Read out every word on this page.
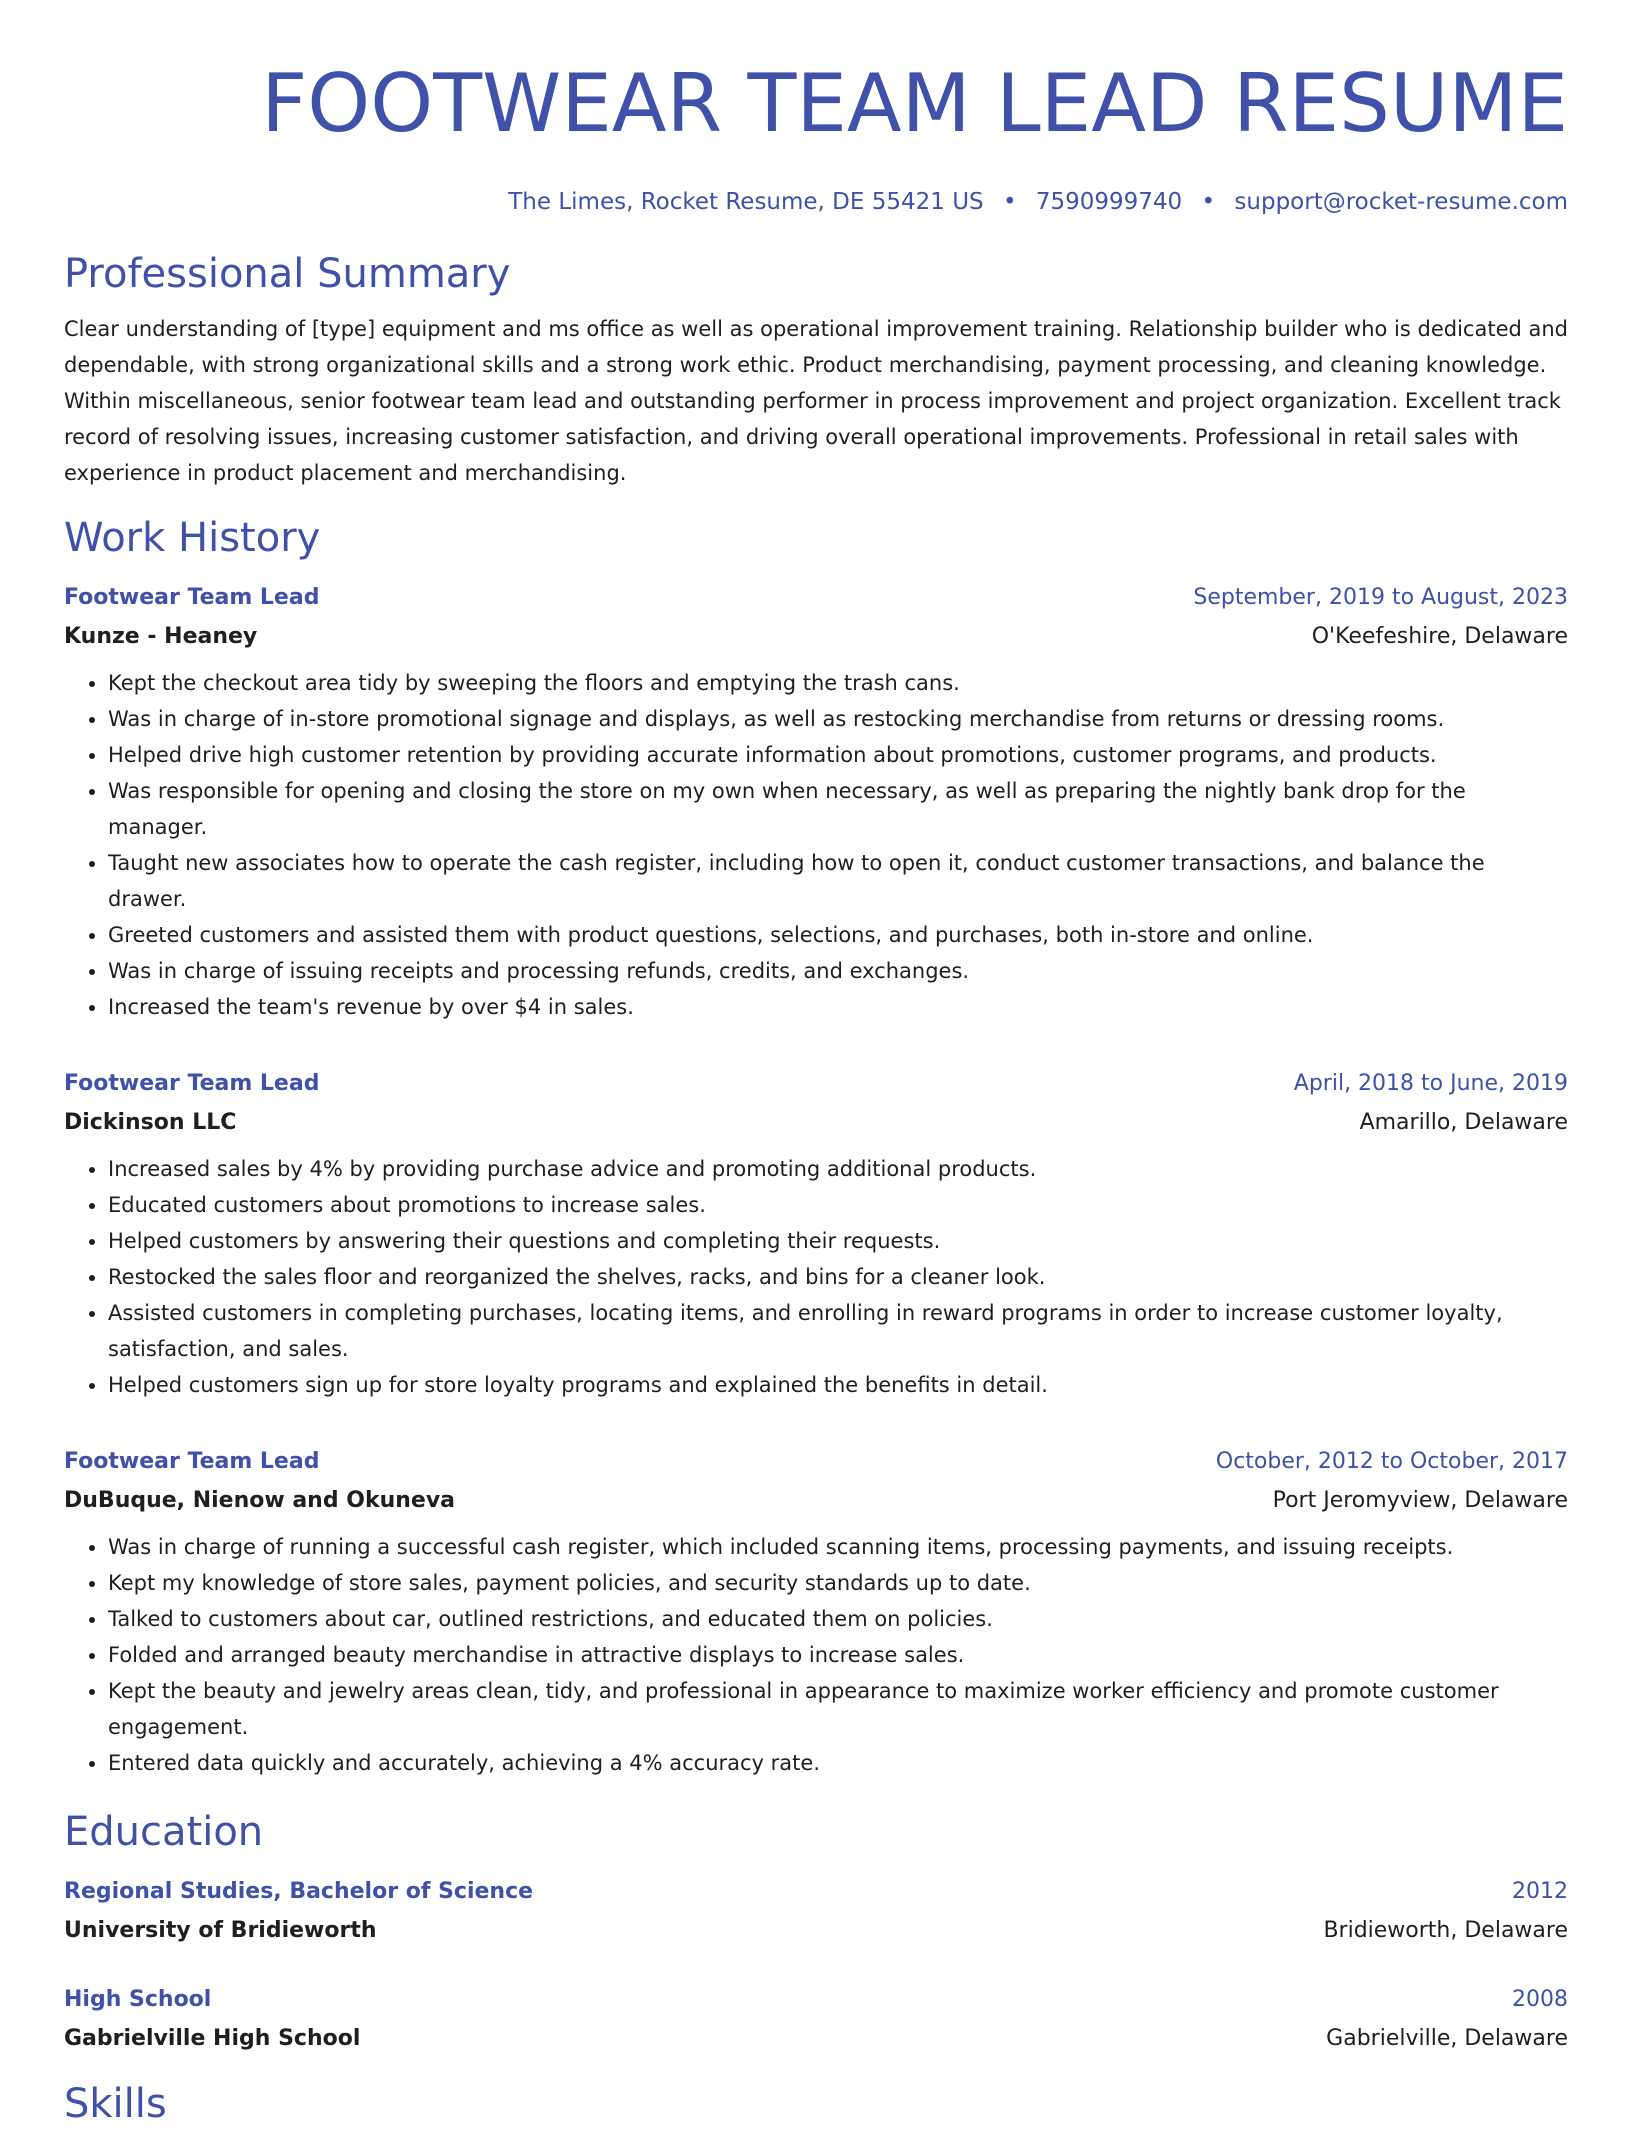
FOOTWEAR TEAM LEAD RESUME
The Limes, Rocket Resume, DE 55421 US • 7590999740 • support@rocket-resume.com
Professional Summary
Clear understanding of [type] equipment and ms office as well as operational improvement training. Relationship builder who is dedicated and dependable, with strong organizational skills and a strong work ethic. Product merchandising, payment processing, and cleaning knowledge. Within miscellaneous, senior footwear team lead and outstanding performer in process improvement and project organization. Excellent track record of resolving issues, increasing customer satisfaction, and driving overall operational improvements. Professional in retail sales with experience in product placement and merchandising.
Work History
Footwear Team Lead	September, 2019 to August, 2023
Kunze - Heaney	O'Keefeshire, Delaware
• Kept the checkout area tidy by sweeping the floors and emptying the trash cans.
• Was in charge of in-store promotional signage and displays, as well as restocking merchandise from returns or dressing rooms.
• Helped drive high customer retention by providing accurate information about promotions, customer programs, and products.
• Was responsible for opening and closing the store on my own when necessary, as well as preparing the nightly bank drop for the manager.
• Taught new associates how to operate the cash register, including how to open it, conduct customer transactions, and balance the drawer.
• Greeted customers and assisted them with product questions, selections, and purchases, both in-store and online.
• Was in charge of issuing receipts and processing refunds, credits, and exchanges.
• Increased the team's revenue by over $4 in sales.
Footwear Team Lead	April, 2018 to June, 2019
Dickinson LLC	Amarillo, Delaware
• Increased sales by 4% by providing purchase advice and promoting additional products.
• Educated customers about promotions to increase sales.
• Helped customers by answering their questions and completing their requests.
• Restocked the sales floor and reorganized the shelves, racks, and bins for a cleaner look.
• Assisted customers in completing purchases, locating items, and enrolling in reward programs in order to increase customer loyalty, satisfaction, and sales.
• Helped customers sign up for store loyalty programs and explained the benefits in detail.
Footwear Team Lead	October, 2012 to October, 2017
DuBuque, Nienow and Okuneva	Port Jeromyview, Delaware
• Was in charge of running a successful cash register, which included scanning items, processing payments, and issuing receipts.
• Kept my knowledge of store sales, payment policies, and security standards up to date.
• Talked to customers about car, outlined restrictions, and educated them on policies.
• Folded and arranged beauty merchandise in attractive displays to increase sales.
• Kept the beauty and jewelry areas clean, tidy, and professional in appearance to maximize worker efficiency and promote customer engagement.
• Entered data quickly and accurately, achieving a 4% accuracy rate.
Education
Regional Studies, Bachelor of Science	2012
University of Bridieworth	Bridieworth, Delaware
High School	2008
Gabrielville High School	Gabrielville, Delaware
Skills
